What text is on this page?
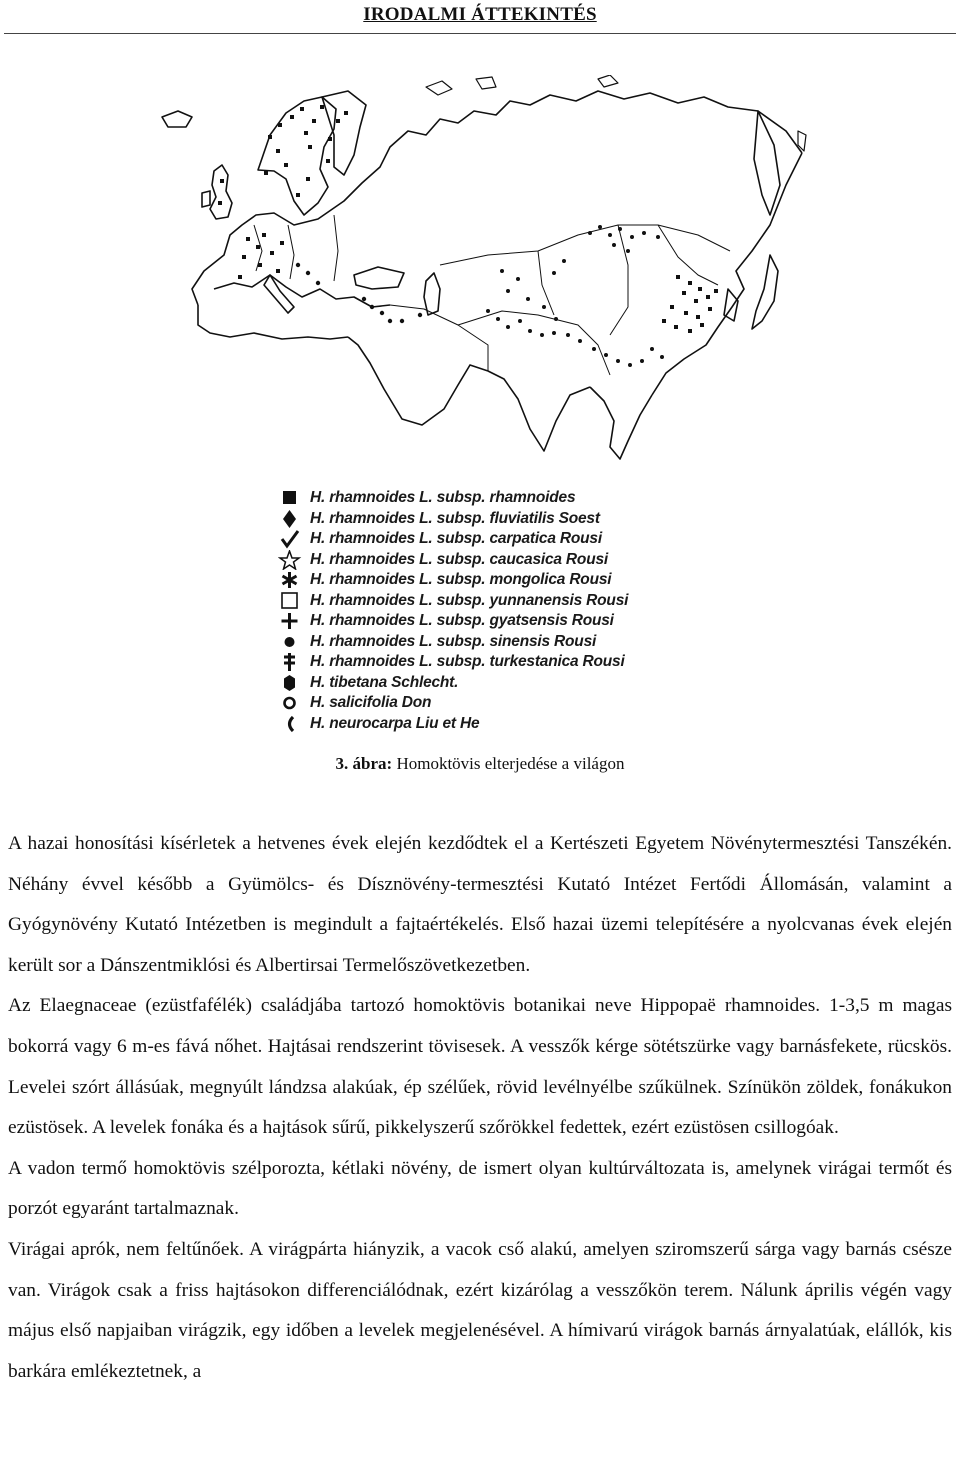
IRODALMI ÁTTEKINTÉS
H. rhamnoides L. subsp. rhamnoides
H. rhamnoides L. subsp. fluviatilis Soest
H. rhamnoides L. subsp. carpatica Rousi
H. rhamnoides L. subsp. caucasica Rousi
H. rhamnoides L. subsp. mongolica Rousi
H. rhamnoides L. subsp. yunnanensis Rousi
H. rhamnoides L. subsp. gyatsensis Rousi
H. rhamnoides L. subsp. sinensis Rousi
H. rhamnoides L. subsp. turkestanica Rousi
H. tibetana Schlecht.
H. salicifolia Don
H. neurocarpa Liu et He
3. ábra: Homoktövis elterjedése a világon

A hazai honosítási kísérletek a hetvenes évek elején kezdődtek el a Kertészeti Egyetem Növénytermesztési Tanszékén. Néhány évvel később a Gyümölcs- és Dísznövény-termesztési Kutató Intézet Fertődi Állomásán, valamint a Gyógynövény Kutató Intézetben is megindult a fajtaértékelés. Első hazai üzemi telepítésére a nyolcvanas évek elején került sor a Dánszentmiklósi és Albertirsai Termelőszövetkezetben.

Az Elaegnaceae (ezüstfafélék) családjába tartozó homoktövis botanikai neve Hippopaë rhamnoides. 1-3,5 m magas bokorrá vagy 6 m-es fává nőhet. Hajtásai rendszerint tövisesek. A vesszők kérge sötétszürke vagy barnásfekete, rücskös. Levelei szórt állásúak, megnyúlt lándzsa alakúak, ép szélűek, rövid levélnyélbe szűkülnek. Színükön zöldek, fonákukon ezüstösek. A levelek fonáka és a hajtások sűrű, pikkelyszerű szőrökkel fedettek, ezért ezüstösen csillogóak.

A vadon termő homoktövis szélporozta, kétlaki növény, de ismert olyan kultúrváltozata is, amelynek virágai termőt és porzót egyaránt tartalmaznak.

Virágai aprók, nem feltűnőek. A virágpárta hiányzik, a vacok cső alakú, amelyen sziromszerű sárga vagy barnás csésze van. Virágok csak a friss hajtásokon differenciálódnak, ezért kizárólag a vesszőkön terem. Nálunk április végén vagy május első napjaiban virágzik, egy időben a levelek megjelenésével. A hímivarú virágok barnás árnyalatúak, elállók, kis barkára emlékeztetnek, a
